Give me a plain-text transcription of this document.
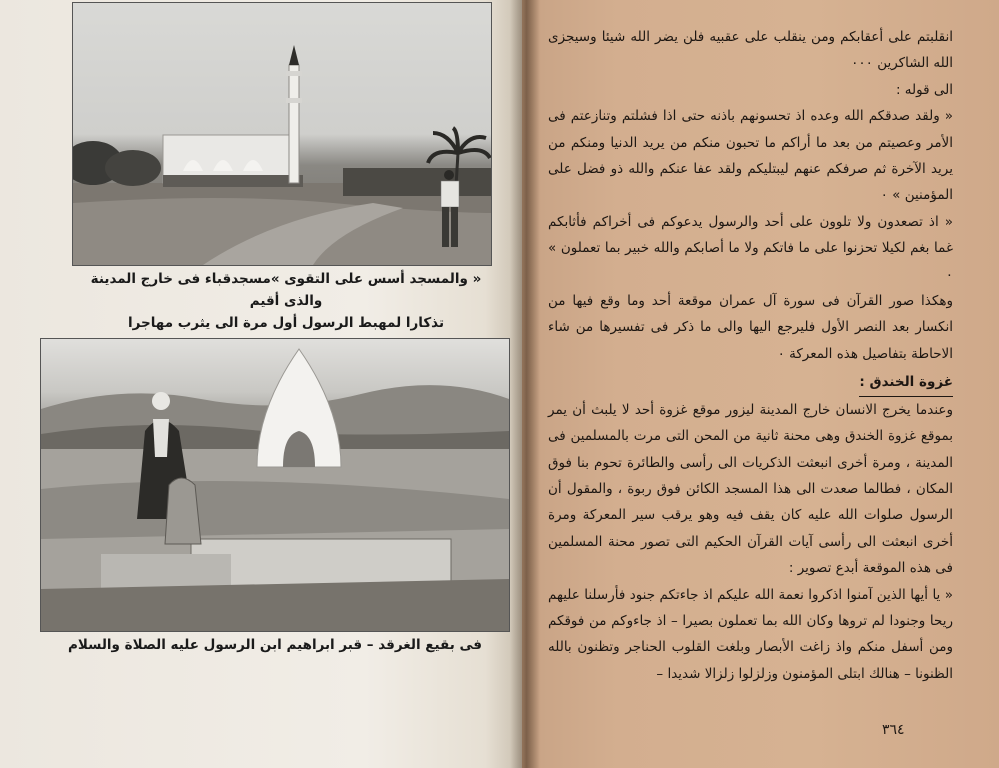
« والمسجد أسس على التقوى »مسجدقباء فى خارج المدينة والذى أقيم
تذكارا لمهبط الرسول أول مرة الى يثرب مهاجرا
فى بقيع الغرقد – قبر ابراهيم ابن الرسول عليه الصلاة والسلام

انقلبتم على أعقابكم ومن ينقلب على عقبيه فلن يضر الله شيئا وسيجزى الله الشاكرين ٠٠٠

الى قوله :

« ولقد صدقكم الله وعده اذ تحسونهم باذنه حتى اذا فشلتم وتنازعتم فى الأمر وعصيتم من بعد ما أراكم ما تحبون منكم من يريد الدنيا ومنكم من يريد الآخرة ثم صرفكم عنهم ليبتليكم ولقد عفا عنكم والله ذو فضل على المؤمنين » ٠

« اذ تصعدون ولا تلوون على أحد والرسول يدعوكم فى أخراكم فأثابكم غما بغم لكيلا تحزنوا على ما فاتكم ولا ما أصابكم والله خبير بما تعملون » ٠

وهكذا صور القرآن فى سورة آل عمران موقعة أحد وما وقع فيها من انكسار بعد النصر الأول فليرجع اليها والى ما ذكر فى تفسيرها من شاء الاحاطة بتفاصيل هذه المعركة ٠

غزوة الخندق :

وعندما يخرج الانسان خارج المدينة ليزور موقع غزوة أحد لا يلبث أن يمر بموقع غزوة الخندق وهى محنة ثانية من المحن التى مرت بالمسلمين فى المدينة ، ومرة أخرى انبعثت الذكريات الى رأسى والطائرة تحوم بنا فوق المكان ، فطالما صعدت الى هذا المسجد الكائن فوق ربوة ، والمقول أن الرسول صلوات الله عليه كان يقف فيه وهو يرقب سير المعركة ومرة أخرى انبعثت الى رأسى آيات القرآن الحكيم التى تصور محنة المسلمين فى هذه الموقعة أبدع تصوير :

« يا أيها الذين آمنوا اذكروا نعمة الله عليكم اذ جاءتكم جنود فأرسلنا عليهم ريحا وجنودا لم تروها وكان الله بما تعملون بصيرا – اذ جاءوكم من فوقكم ومن أسفل منكم واذ زاغت الأبصار وبلغت القلوب الحناجر وتظنون بالله الظنونا – هنالك ابتلى المؤمنون وزلزلوا زلزالا شديدا –

٣٦٤
